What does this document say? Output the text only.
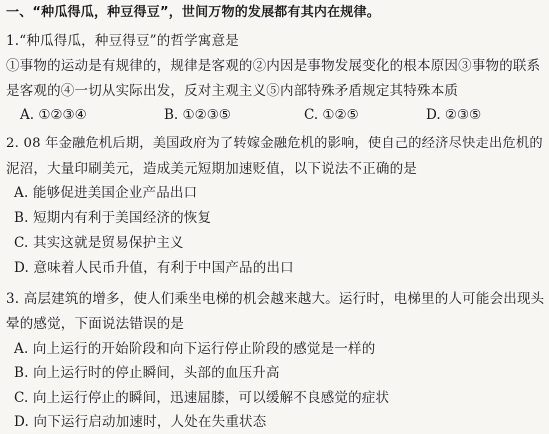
一、“种瓜得瓜，种豆得豆”，世间万物的发展都有其内在规律。
1.“种瓜得瓜，种豆得豆”的哲学寓意是
①事物的运动是有规律的，规律是客观的②内因是事物发展变化的根本原因③事物的联系
是客观的④一切从实际出发，反对主观主义⑤内部特殊矛盾规定其特殊本质
A. ①②③④	B. ①②③⑤	C. ①②⑤	D. ②③⑤
2. 08 年金融危机后期，美国政府为了转嫁金融危机的影响，使自己的经济尽快走出危机的
泥沼，大量印刷美元，造成美元短期加速贬值，以下说法不正确的是
A. 能够促进美国企业产品出口
B. 短期内有利于美国经济的恢复
C. 其实这就是贸易保护主义
D. 意味着人民币升值，有利于中国产品的出口
3. 高层建筑的增多，使人们乘坐电梯的机会越来越大。运行时，电梯里的人可能会出现头
晕的感觉，下面说法错误的是
A. 向上运行的开始阶段和向下运行停止阶段的感觉是一样的
B. 向上运行时的停止瞬间，头部的血压升高
C. 向上运行停止的瞬间，迅速屈膝，可以缓解不良感觉的症状
D. 向下运行启动加速时，人处在失重状态
